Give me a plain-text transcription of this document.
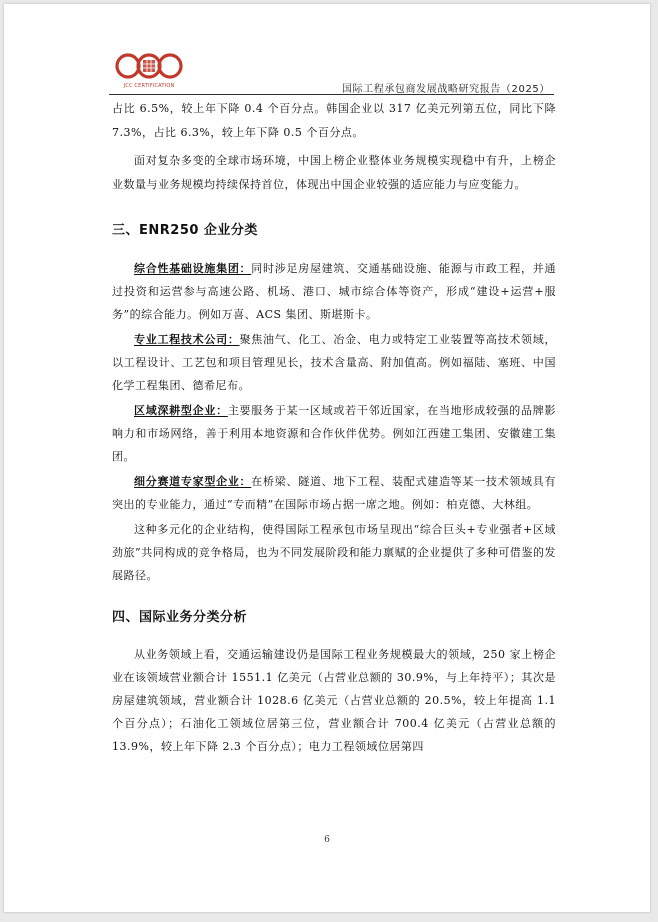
JCC CERTIFICATION	国际工程承包商发展战略研究报告（2025）

占比 6.5%，较上年下降 0.4 个百分点。韩国企业以 317 亿美元列第五位，同比下降 7.3%，占比 6.3%，较上年下降 0.5 个百分点。

面对复杂多变的全球市场环境，中国上榜企业整体业务规模实现稳中有升，上榜企业数量与业务规模均持续保持首位，体现出中国企业较强的适应能力与应变能力。

三、ENR250 企业分类

综合性基础设施集团：同时涉足房屋建筑、交通基础设施、能源与市政工程，并通过投资和运营参与高速公路、机场、港口、城市综合体等资产，形成“建设+运营+服务”的综合能力。例如万喜、ACS 集团、斯堪斯卡。

专业工程技术公司：聚焦油气、化工、冶金、电力或特定工业装置等高技术领域，以工程设计、工艺包和项目管理见长，技术含量高、附加值高。例如福陆、塞班、中国化学工程集团、德希尼布。

区域深耕型企业：主要服务于某一区域或若干邻近国家，在当地形成较强的品牌影响力和市场网络，善于利用本地资源和合作伙伴优势。例如江西建工集团、安徽建工集团。

细分赛道专家型企业：在桥梁、隧道、地下工程、装配式建造等某一技术领域具有突出的专业能力，通过“专而精”在国际市场占据一席之地。例如：柏克德、大林组。

这种多元化的企业结构，使得国际工程承包市场呈现出“综合巨头+专业强者+区域劲旅”共同构成的竞争格局，也为不同发展阶段和能力禀赋的企业提供了多种可借鉴的发展路径。

四、国际业务分类分析

从业务领域上看，交通运输建设仍是国际工程业务规模最大的领域，250 家上榜企业在该领域营业额合计 1551.1 亿美元（占营业总额的 30.9%，与上年持平）；其次是房屋建筑领域，营业额合计 1028.6 亿美元（占营业总额的 20.5%，较上年提高 1.1 个百分点）；石油化工领域位居第三位，营业额合计 700.4 亿美元（占营业总额的 13.9%，较上年下降 2.3 个百分点）；电力工程领域位居第四

6
